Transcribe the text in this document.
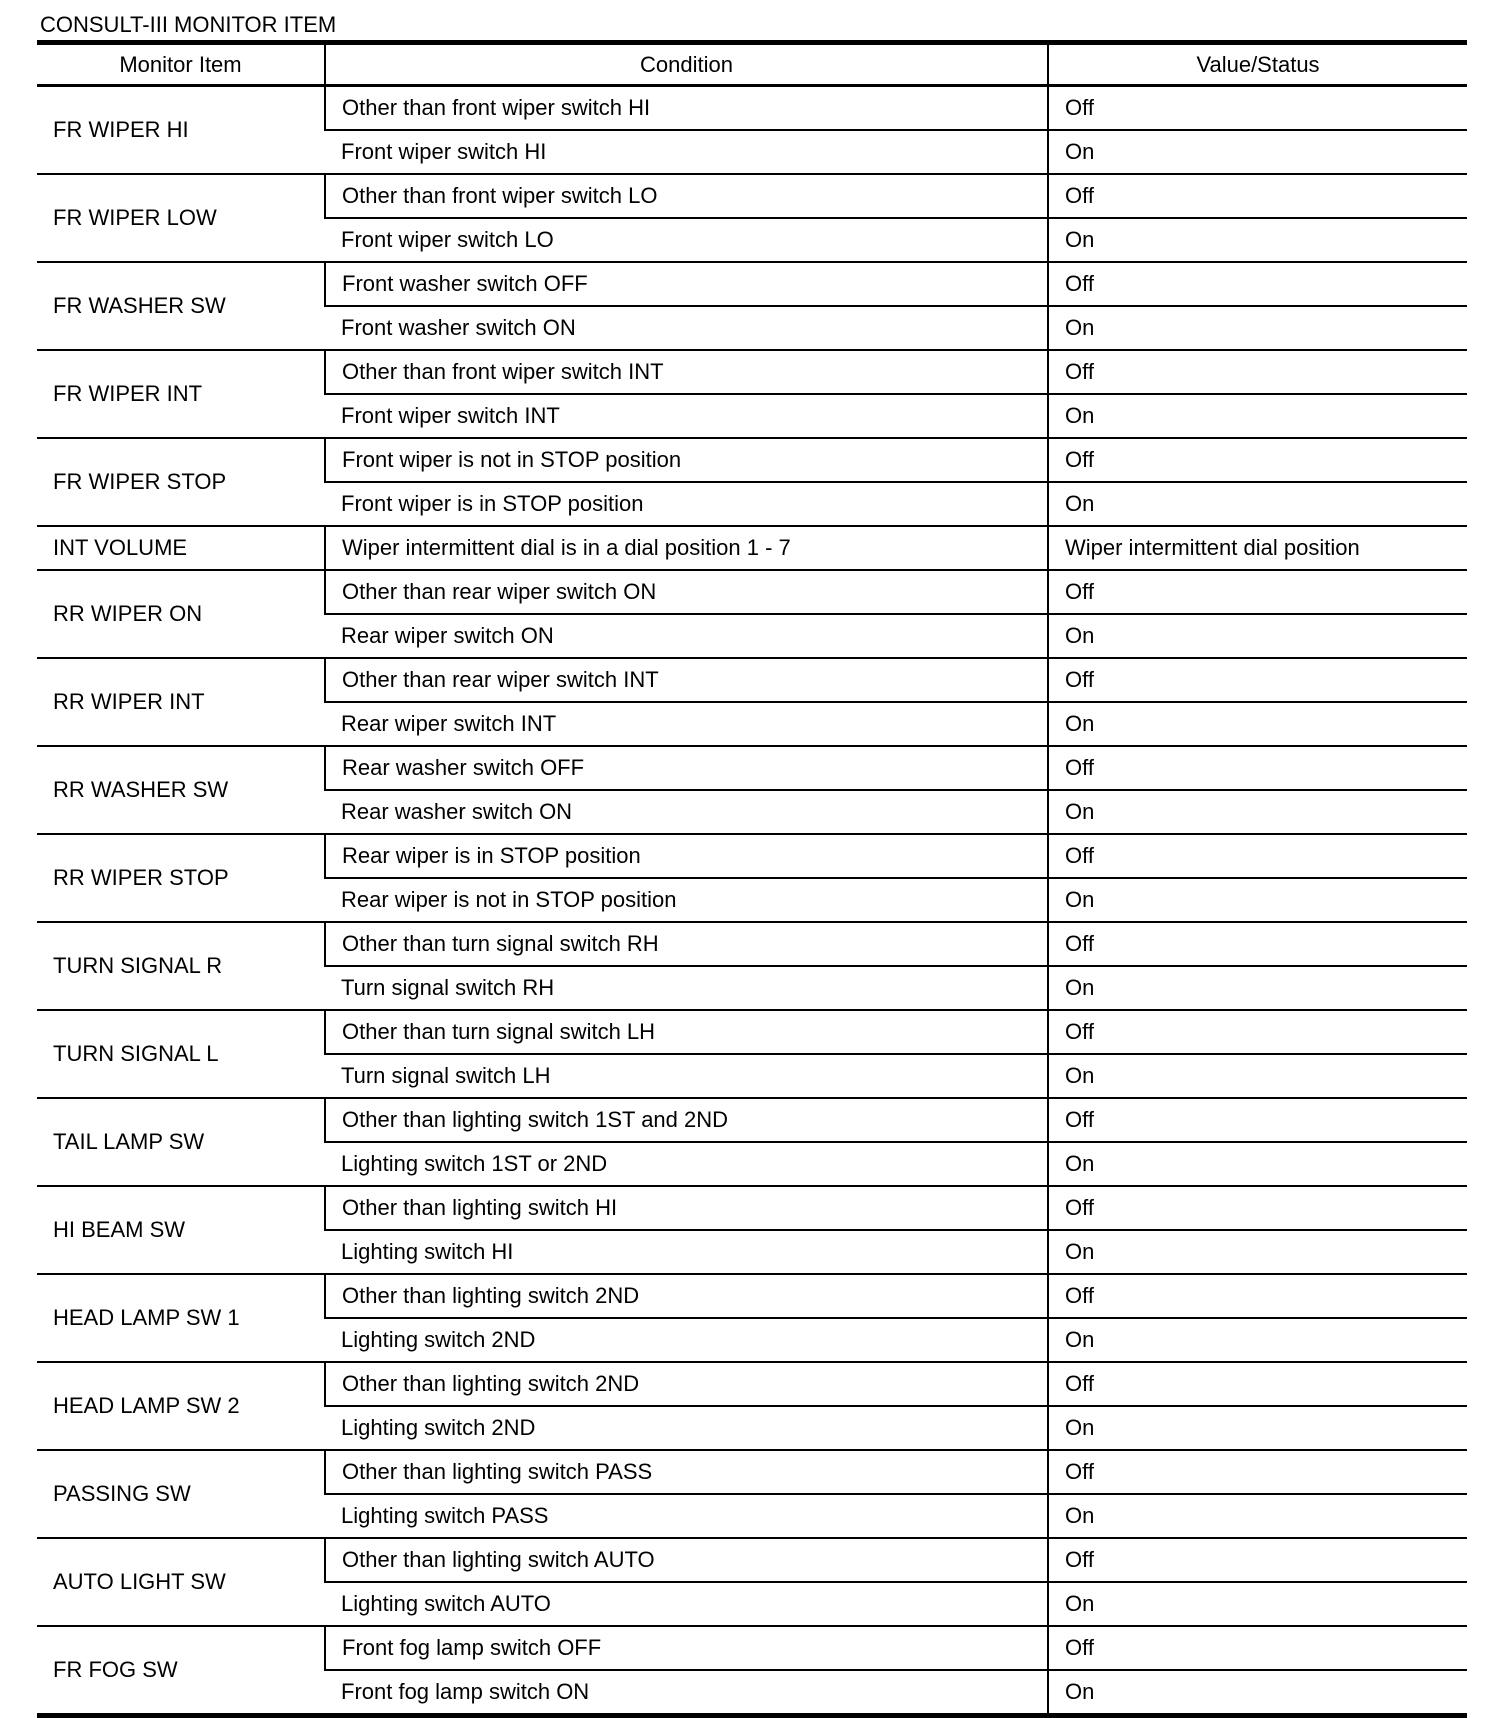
CONSULT-III MONITOR ITEM
Monitor Item	Condition	Value/Status
FR WIPER HI	Other than front wiper switch HI	Off
	Front wiper switch HI	On
FR WIPER LOW	Other than front wiper switch LO	Off
	Front wiper switch LO	On
FR WASHER SW	Front washer switch OFF	Off
	Front washer switch ON	On
FR WIPER INT	Other than front wiper switch INT	Off
	Front wiper switch INT	On
FR WIPER STOP	Front wiper is not in STOP position	Off
	Front wiper is in STOP position	On
INT VOLUME	Wiper intermittent dial is in a dial position 1 - 7	Wiper intermittent dial position
RR WIPER ON	Other than rear wiper switch ON	Off
	Rear wiper switch ON	On
RR WIPER INT	Other than rear wiper switch INT	Off
	Rear wiper switch INT	On
RR WASHER SW	Rear washer switch OFF	Off
	Rear washer switch ON	On
RR WIPER STOP	Rear wiper is in STOP position	Off
	Rear wiper is not in STOP position	On
TURN SIGNAL R	Other than turn signal switch RH	Off
	Turn signal switch RH	On
TURN SIGNAL L	Other than turn signal switch LH	Off
	Turn signal switch LH	On
TAIL LAMP SW	Other than lighting switch 1ST and 2ND	Off
	Lighting switch 1ST or 2ND	On
HI BEAM SW	Other than lighting switch HI	Off
	Lighting switch HI	On
HEAD LAMP SW 1	Other than lighting switch 2ND	Off
	Lighting switch 2ND	On
HEAD LAMP SW 2	Other than lighting switch 2ND	Off
	Lighting switch 2ND	On
PASSING SW	Other than lighting switch PASS	Off
	Lighting switch PASS	On
AUTO LIGHT SW	Other than lighting switch AUTO	Off
	Lighting switch AUTO	On
FR FOG SW	Front fog lamp switch OFF	Off
	Front fog lamp switch ON	On
